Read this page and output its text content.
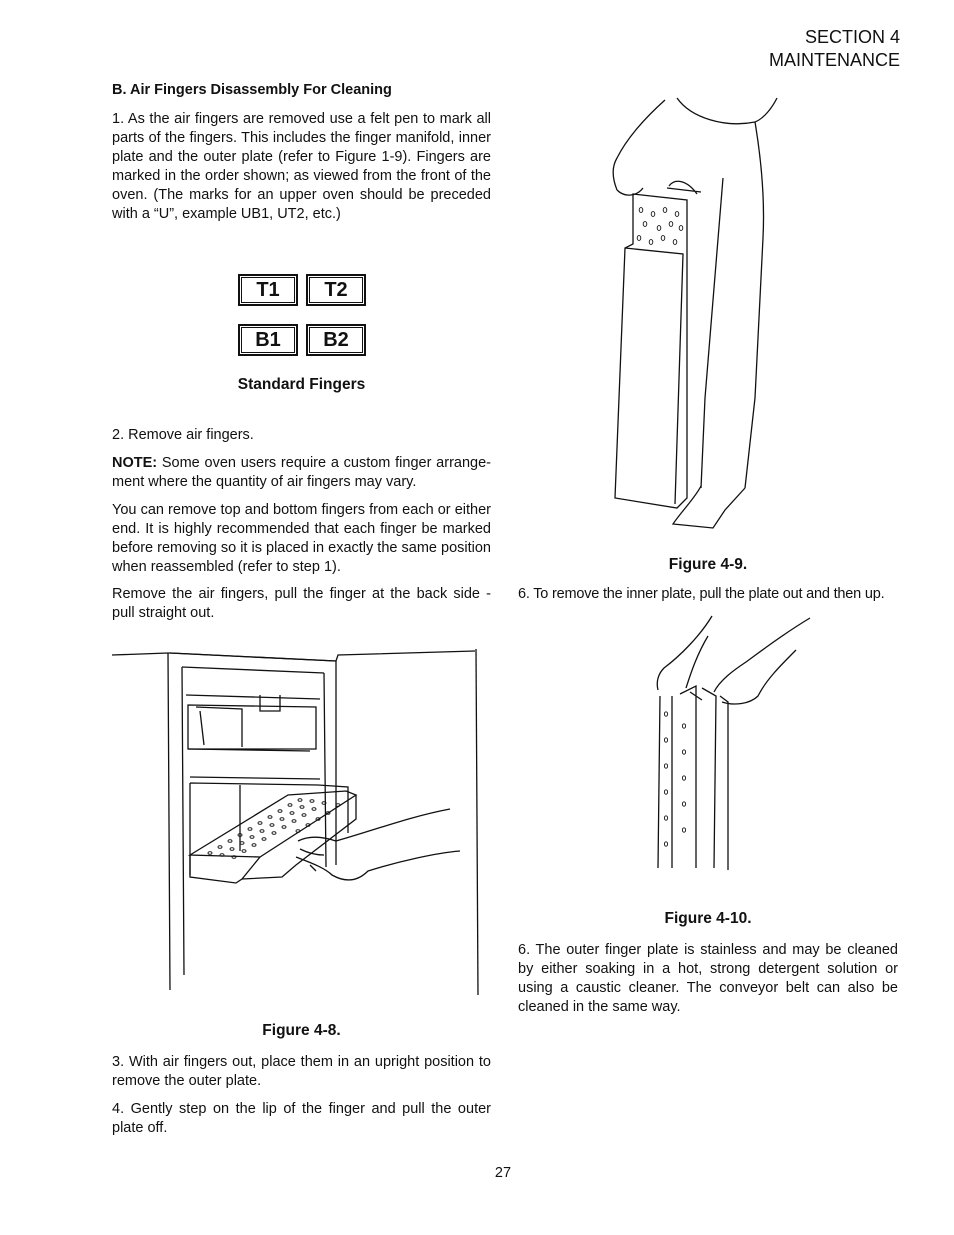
SECTION 4
MAINTENANCE
B. Air Fingers Disassembly For Cleaning

1. As the air fingers are removed use a felt pen to mark all parts of the fingers. This includes the finger manifold, inner plate and the outer plate (refer to Figure 1-9). Fingers are marked in the order shown; as viewed from the front of the oven. (The marks for an upper oven should be preceded with a “U”, example UB1, UT2, etc.)

T1	T2
B1	B2
Standard Fingers

2. Remove air fingers.

NOTE: Some oven users require a custom finger arrange-ment where the quantity of air fingers may vary.

You can remove top and bottom fingers from each or either end. It is highly recommended that each finger be marked before removing so it is placed in exactly the same position when reassembled (refer to step 1).

Remove the air fingers, pull the finger at the back side - pull straight out.

Figure 4-8.

3. With air fingers out, place them in an upright position to remove the outer plate.

4. Gently step on the lip of the finger and pull the outer plate off.

Figure 4-9.

6. To remove the inner plate, pull the plate out and then up.

Figure 4-10.

6. The outer finger plate is stainless and may be cleaned by either soaking in a hot, strong detergent solution or using a caustic cleaner. The conveyor belt can also be cleaned in the same way.

27
